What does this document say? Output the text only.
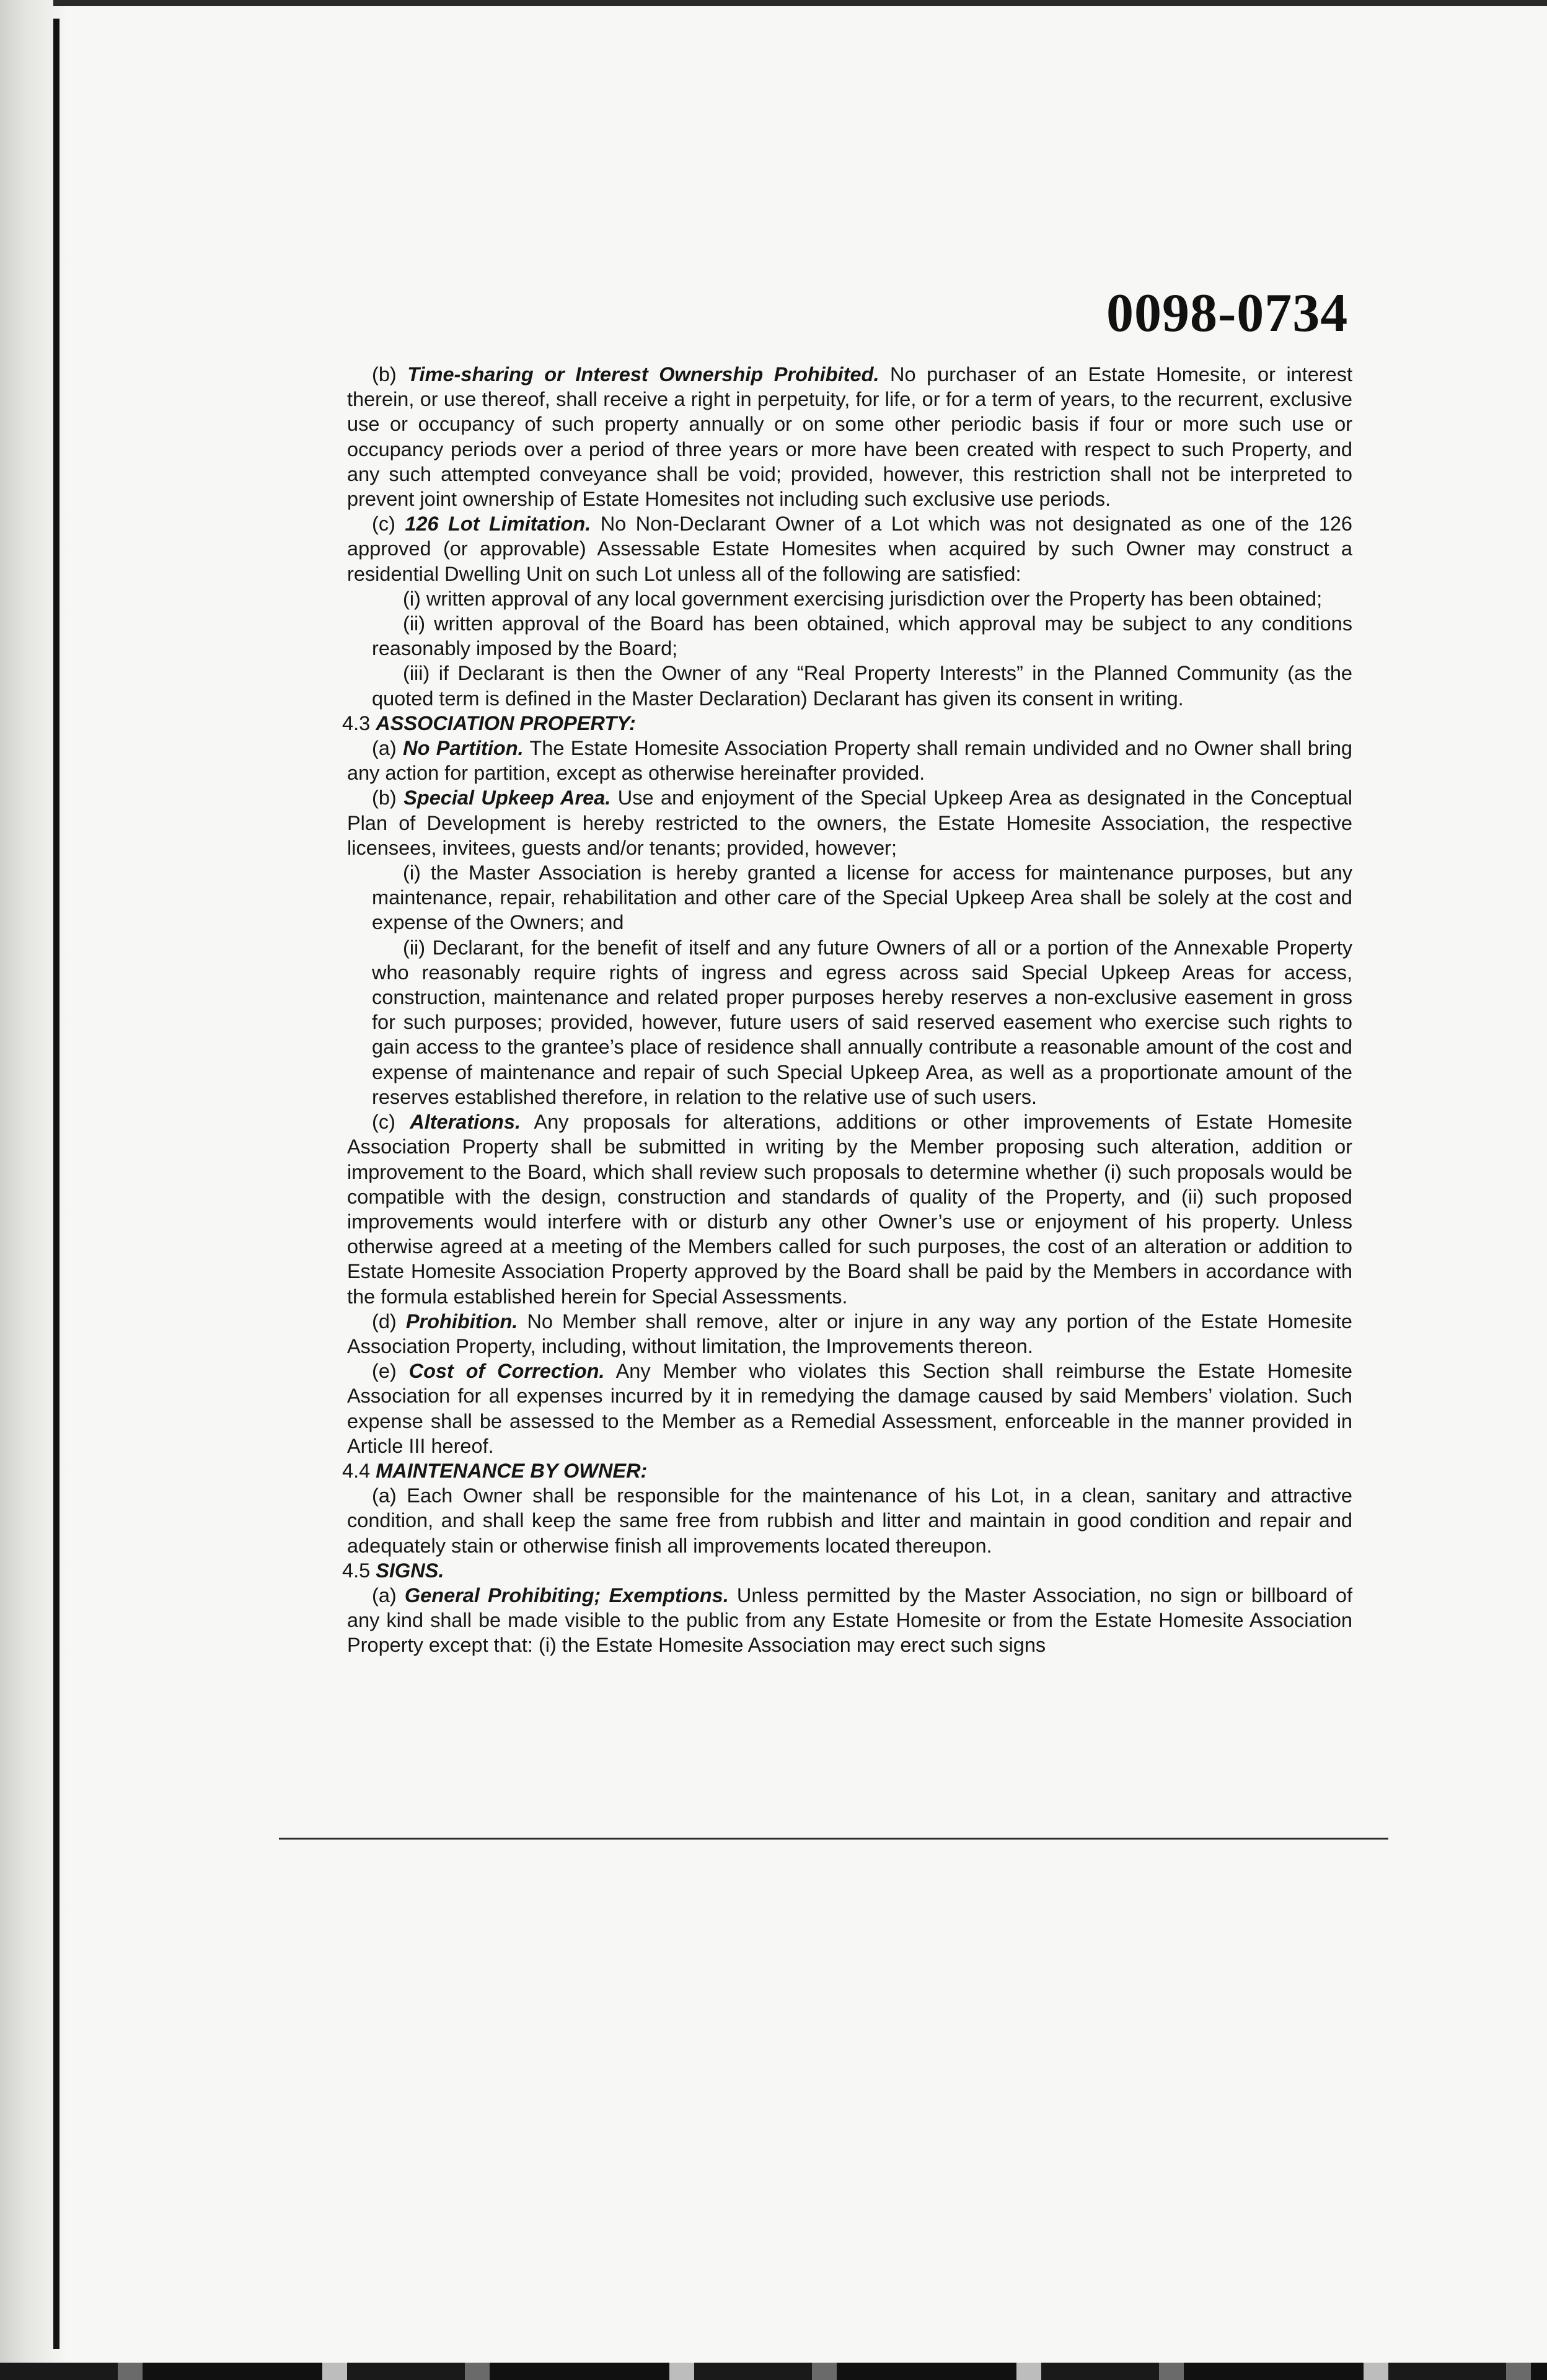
0098-0734

(b) Time-sharing or Interest Ownership Prohibited. No purchaser of an Estate Homesite, or interest therein, or use thereof, shall receive a right in perpetuity, for life, or for a term of years, to the recurrent, exclusive use or occupancy of such property annually or on some other periodic basis if four or more such use or occupancy periods over a period of three years or more have been created with respect to such Property, and any such attempted conveyance shall be void; provided, however, this restriction shall not be interpreted to prevent joint ownership of Estate Homesites not including such exclusive use periods.

(c) 126 Lot Limitation. No Non-Declarant Owner of a Lot which was not designated as one of the 126 approved (or approvable) Assessable Estate Homesites when acquired by such Owner may construct a residential Dwelling Unit on such Lot unless all of the following are satisfied:

(i) written approval of any local government exercising jurisdiction over the Property has been obtained;

(ii) written approval of the Board has been obtained, which approval may be subject to any conditions reasonably imposed by the Board;

(iii) if Declarant is then the Owner of any “Real Property Interests” in the Planned Community (as the quoted term is defined in the Master Declaration) Declarant has given its consent in writing.

4.3 ASSOCIATION PROPERTY:

(a) No Partition. The Estate Homesite Association Property shall remain undivided and no Owner shall bring any action for partition, except as otherwise hereinafter provided.

(b) Special Upkeep Area. Use and enjoyment of the Special Upkeep Area as designated in the Conceptual Plan of Development is hereby restricted to the owners, the Estate Homesite Association, the respective licensees, invitees, guests and/or tenants; provided, however;

(i) the Master Association is hereby granted a license for access for maintenance purposes, but any maintenance, repair, rehabilitation and other care of the Special Upkeep Area shall be solely at the cost and expense of the Owners; and

(ii) Declarant, for the benefit of itself and any future Owners of all or a portion of the Annexable Property who reasonably require rights of ingress and egress across said Special Upkeep Areas for access, construction, maintenance and related proper purposes hereby reserves a non-exclusive easement in gross for such purposes; provided, however, future users of said reserved easement who exercise such rights to gain access to the grantee’s place of residence shall annually contribute a reasonable amount of the cost and expense of maintenance and repair of such Special Upkeep Area, as well as a proportionate amount of the reserves established therefore, in relation to the relative use of such users.

(c) Alterations. Any proposals for alterations, additions or other improvements of Estate Homesite Association Property shall be submitted in writing by the Member proposing such alteration, addition or improvement to the Board, which shall review such proposals to determine whether (i) such proposals would be compatible with the design, construction and standards of quality of the Property, and (ii) such proposed improvements would interfere with or disturb any other Owner’s use or enjoyment of his property. Unless otherwise agreed at a meeting of the Members called for such purposes, the cost of an alteration or addition to Estate Homesite Association Property approved by the Board shall be paid by the Members in accordance with the formula established herein for Special Assessments.

(d) Prohibition. No Member shall remove, alter or injure in any way any portion of the Estate Homesite Association Property, including, without limitation, the Improvements thereon.

(e) Cost of Correction. Any Member who violates this Section shall reimburse the Estate Homesite Association for all expenses incurred by it in remedying the damage caused by said Members’ violation. Such expense shall be assessed to the Member as a Remedial Assessment, enforceable in the manner provided in Article III hereof.

4.4 MAINTENANCE BY OWNER:

(a) Each Owner shall be responsible for the maintenance of his Lot, in a clean, sanitary and attractive condition, and shall keep the same free from rubbish and litter and maintain in good condition and repair and adequately stain or otherwise finish all improvements located thereupon.

4.5 SIGNS.

(a) General Prohibiting; Exemptions. Unless permitted by the Master Association, no sign or billboard of any kind shall be made visible to the public from any Estate Homesite or from the Estate Homesite Association Property except that: (i) the Estate Homesite Association may erect such signs
